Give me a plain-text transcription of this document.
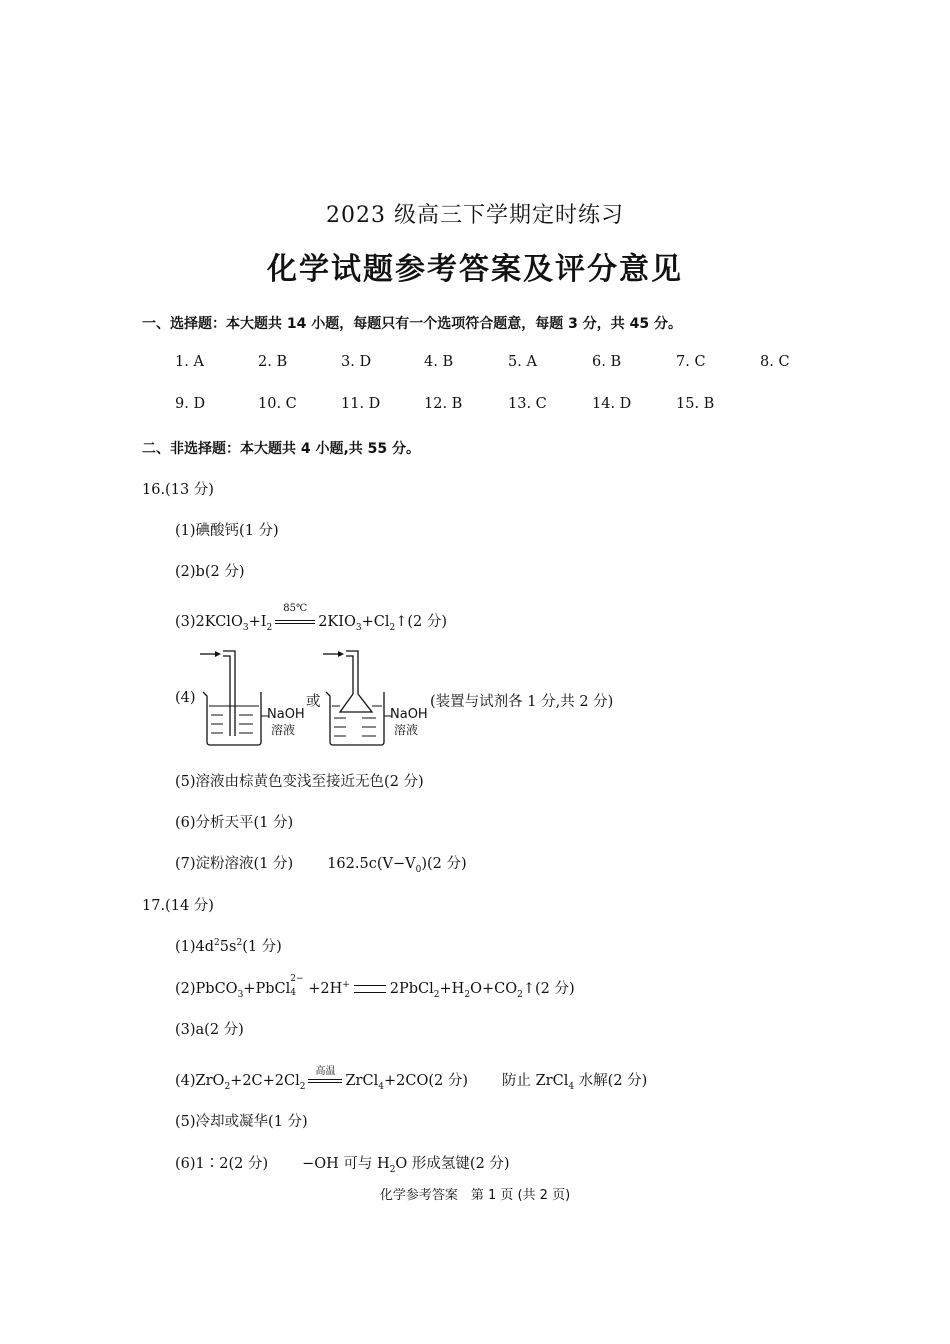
2023 级高三下学期定时练习
化学试题参考答案及评分意见
一、选择题：本大题共 14 小题，每题只有一个选项符合题意，每题 3 分，共 45 分。
1. A	2. B	3. D	4. B	5. A	6. B	7. C	8. C
9. D	10. C	11. D	12. B	13. C	14. D	15. B
二、非选择题：本大题共 4 小题,共 55 分。
16.(13 分)
(1)碘酸钙(1 分)
(2)b(2 分)
$(3)2KClO_3+I_2$
85℃
$2KIO_3+Cl_2↑(2$ 分)
(4)
NaOH
溶液
或
NaOH
溶液
(装置与试剂各 1 分,共 2 分)
(5)溶液由棕黄色变浅至接近无色(2 分)
(6)分析天平(1 分)
(7)淀粉溶液(1 分) $162.5c(V-V_0)(2$ 分)
17.(14 分)
$(1)4d^25s^2(1$ 分)
(2)PbCO$_3$+PbCl
2−
4 +2H+	$2PbCl_2+H_2O+CO_2↑(2$ 分)
(3)a(2 分)
$(4)ZrO_2+2C+2Cl_2$
高温
ZrCl$_4$+2CO(2 分) 防止 ZrCl$_4$ 水解(2 分)
(5)冷却或凝华(1 分)
(6)1∶2(2 分) −OH 可与 $H_2O$ 形成氢键(2 分)
化学参考答案　第 1 页 (共 2 页)
